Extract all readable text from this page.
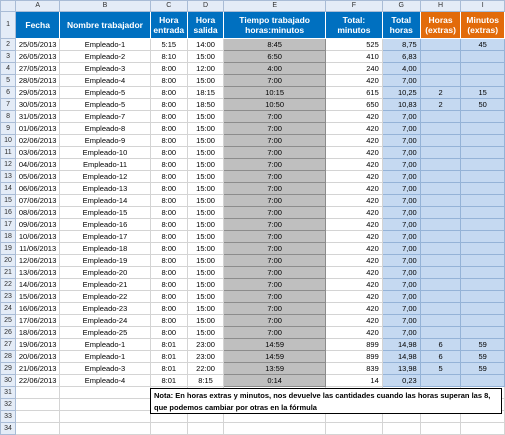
	A	B	C	D	E	F	G	H	I
1	Fecha	Nombre trabajador	Hora entrada	Hora salida	Tiempo trabajado horas:minutos	Total: minutos	Total horas	Horas (extras)	Minutos (extras)
2	25/05/2013	Empleado-1	5:15	14:00	8:45	525	8,75		45
3	26/05/2013	Empleado-2	8:10	15:00	6:50	410	6,83		
4	27/05/2013	Empleado-3	8:00	12:00	4:00	240	4,00		
5	28/05/2013	Empleado-4	8:00	15:00	7:00	420	7,00		
6	29/05/2013	Empleado-5	8:00	18:15	10:15	615	10,25	2	15
7	30/05/2013	Empleado-5	8:00	18:50	10:50	650	10,83	2	50
8	31/05/2013	Empleado-7	8:00	15:00	7:00	420	7,00		
9	01/06/2013	Empleado-8	8:00	15:00	7:00	420	7,00		
10	02/06/2013	Empleado-9	8:00	15:00	7:00	420	7,00		
11	03/06/2013	Empleado-10	8:00	15:00	7:00	420	7,00		
12	04/06/2013	Empleado-11	8:00	15:00	7:00	420	7,00		
13	05/06/2013	Empleado-12	8:00	15:00	7:00	420	7,00		
14	06/06/2013	Empleado-13	8:00	15:00	7:00	420	7,00		
15	07/06/2013	Empleado-14	8:00	15:00	7:00	420	7,00		
16	08/06/2013	Empleado-15	8:00	15:00	7:00	420	7,00		
17	09/06/2013	Empleado-16	8:00	15:00	7:00	420	7,00		
18	10/06/2013	Empleado-17	8:00	15:00	7:00	420	7,00		
19	11/06/2013	Empleado-18	8:00	15:00	7:00	420	7,00		
20	12/06/2013	Empleado-19	8:00	15:00	7:00	420	7,00		
21	13/06/2013	Empleado-20	8:00	15:00	7:00	420	7,00		
22	14/06/2013	Empleado-21	8:00	15:00	7:00	420	7,00		
23	15/06/2013	Empleado-22	8:00	15:00	7:00	420	7,00		
24	16/06/2013	Empleado-23	8:00	15:00	7:00	420	7,00		
25	17/06/2013	Empleado-24	8:00	15:00	7:00	420	7,00		
26	18/06/2013	Empleado-25	8:00	15:00	7:00	420	7,00		
27	19/06/2013	Empleado-1	8:01	23:00	14:59	899	14,98	6	59
28	20/06/2013	Empleado-1	8:01	23:00	14:59	899	14,98	6	59
29	21/06/2013	Empleado-3	8:01	22:00	13:59	839	13,98	5	59
30	22/06/2013	Empleado-4	8:01	8:15	0:14	14	0,23		
31									
32									
33									
34									
Nota: En horas extras y minutos, nos devuelve las cantidades cuando las horas superan las 8, que podemos cambiar por otras en la fórmula
